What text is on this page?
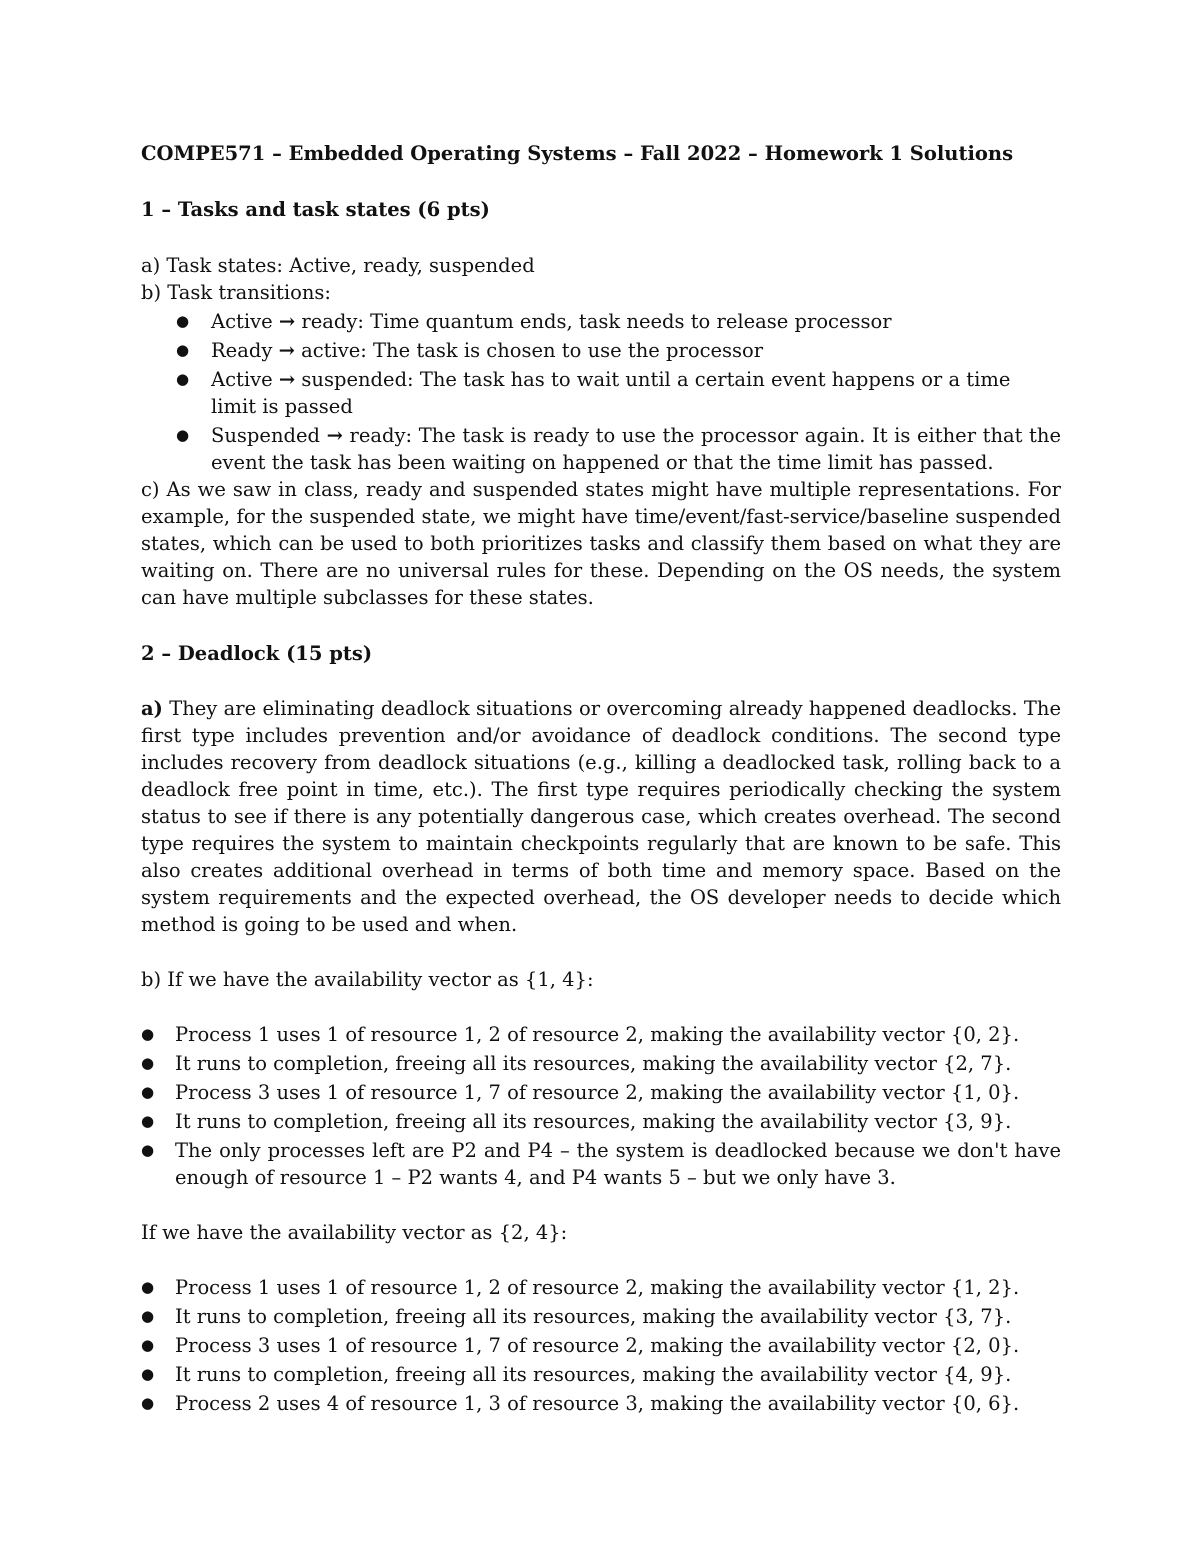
COMPE571 – Embedded Operating Systems – Fall 2022 – Homework 1 Solutions

1 – Tasks and task states (6 pts)

a) Task states: Active, ready, suspended

b) Task transitions:

● Active → ready: Time quantum ends, task needs to release processor
● Ready → active: The task is chosen to use the processor
● Active → suspended: The task has to wait until a certain event happens or a time limit is passed
● Suspended → ready: The task is ready to use the processor again. It is either that the event the task has been waiting on happened or that the time limit has passed.

c) As we saw in class, ready and suspended states might have multiple representations. For example, for the suspended state, we might have time/event/fast-service/baseline suspended states, which can be used to both prioritizes tasks and classify them based on what they are waiting on. There are no universal rules for these. Depending on the OS needs, the system can have multiple subclasses for these states.

2 – Deadlock (15 pts)

a) They are eliminating deadlock situations or overcoming already happened deadlocks. The first type includes prevention and/or avoidance of deadlock conditions. The second type includes recovery from deadlock situations (e.g., killing a deadlocked task, rolling back to a deadlock free point in time, etc.). The first type requires periodically checking the system status to see if there is any potentially dangerous case, which creates overhead. The second type requires the system to maintain checkpoints regularly that are known to be safe. This also creates additional overhead in terms of both time and memory space. Based on the system requirements and the expected overhead, the OS developer needs to decide which method is going to be used and when.

b) If we have the availability vector as {1, 4}:

● Process 1 uses 1 of resource 1, 2 of resource 2, making the availability vector {0, 2}.
● It runs to completion, freeing all its resources, making the availability vector {2, 7}.
● Process 3 uses 1 of resource 1, 7 of resource 2, making the availability vector {1, 0}.
● It runs to completion, freeing all its resources, making the availability vector {3, 9}.
● The only processes left are P2 and P4 – the system is deadlocked because we don't have enough of resource 1 – P2 wants 4, and P4 wants 5 – but we only have 3.

If we have the availability vector as {2, 4}:

● Process 1 uses 1 of resource 1, 2 of resource 2, making the availability vector {1, 2}.
● It runs to completion, freeing all its resources, making the availability vector {3, 7}.
● Process 3 uses 1 of resource 1, 7 of resource 2, making the availability vector {2, 0}.
● It runs to completion, freeing all its resources, making the availability vector {4, 9}.
● Process 2 uses 4 of resource 1, 3 of resource 3, making the availability vector {0, 6}.
